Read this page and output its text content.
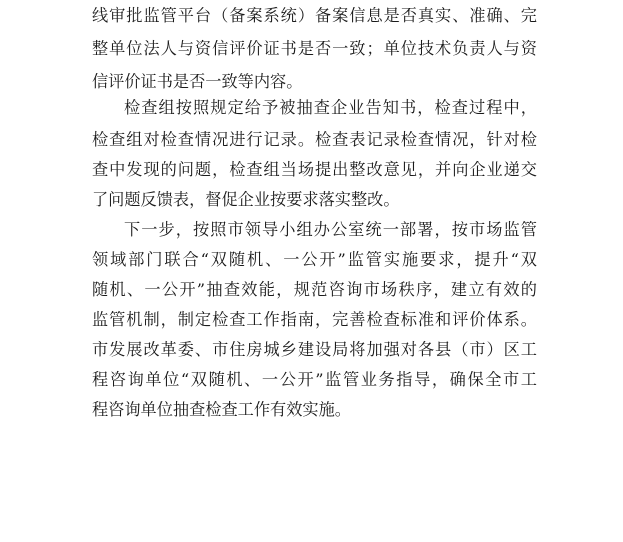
线审批监管平台（备案系统）备案信息是否真实、准确、完
整单位法人与资信评价证书是否一致；单位技术负责人与资
信评价证书是否一致等内容。
检查组按照规定给予被抽查企业告知书，检查过程中，
检查组对检查情况进行记录。检查表记录检查情况，针对检
查中发现的问题，检查组当场提出整改意见，并向企业递交
了问题反馈表，督促企业按要求落实整改。
下一步，按照市领导小组办公室统一部署，按市场监管
领域部门联合“双随机、一公开”监管实施要求，提升“双
随机、一公开”抽查效能，规范咨询市场秩序，建立有效的
监管机制，制定检查工作指南，完善检查标准和评价体系。
市发展改革委、市住房城乡建设局将加强对各县（市）区工
程咨询单位“双随机、一公开”监管业务指导，确保全市工
程咨询单位抽查检查工作有效实施。
